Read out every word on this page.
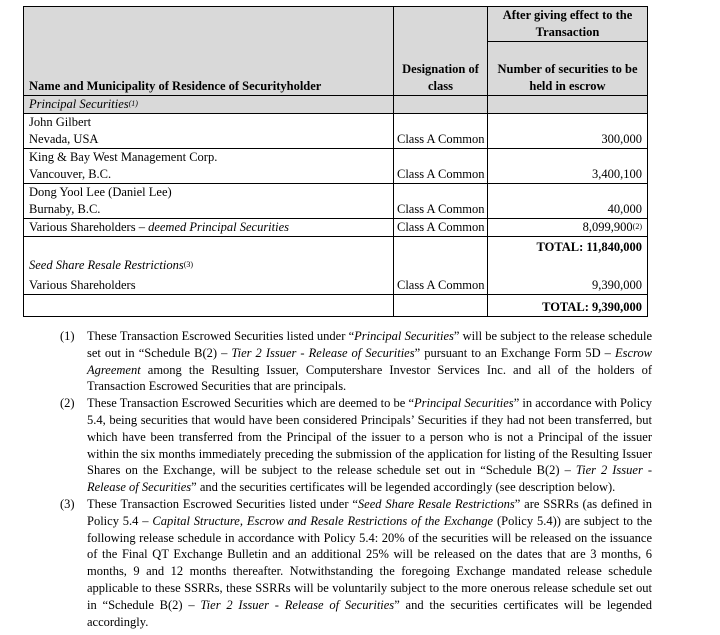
Name and Municipality of Residence of Securityholder	Designation of class	After giving effect to the Transaction
		Number of securities to be held in escrow
Principal Securities$^{(1)}$		

John Gilbert
Nevada, USA	Class A Common	300,000

King & Bay West Management Corp.
Vancouver, B.C.	Class A Common	3,400,100

Dong Yool Lee (Daniel Lee)
Burnaby, B.C.	Class A Common	40,000
Various Shareholders – deemed Principal Securities	Class A Common	8,099,900$^{(2)}$
Seed Share Resale Restrictions$^{(3)}$		TOTAL: 11,840,000
Various Shareholders	Class A Common	9,390,000
		TOTAL: 9,390,000
(1) These Transaction Escrowed Securities listed under “Principal Securities” will be subject to the release schedule set out in “Schedule B(2) – Tier 2 Issuer - Release of Securities” pursuant to an Exchange Form 5D – Escrow Agreement among the Resulting Issuer, Computershare Investor Services Inc. and all of the holders of Transaction Escrowed Securities that are principals.
(2) These Transaction Escrowed Securities which are deemed to be “Principal Securities” in accordance with Policy 5.4, being securities that would have been considered Principals’ Securities if they had not been transferred, but which have been transferred from the Principal of the issuer to a person who is not a Principal of the issuer within the six months immediately preceding the submission of the application for listing of the Resulting Issuer Shares on the Exchange, will be subject to the release schedule set out in “Schedule B(2) – Tier 2 Issuer - Release of Securities” and the securities certificates will be legended accordingly (see description below).
(3) These Transaction Escrowed Securities listed under “Seed Share Resale Restrictions” are SSRRs (as defined in Policy 5.4 – Capital Structure, Escrow and Resale Restrictions of the Exchange (Policy 5.4)) are subject to the following release schedule in accordance with Policy 5.4: 20% of the securities will be released on the issuance of the Final QT Exchange Bulletin and an additional 25% will be released on the dates that are 3 months, 6 months, 9 and 12 months thereafter. Notwithstanding the foregoing Exchange mandated release schedule applicable to these SSRRs, these SSRRs will be voluntarily subject to the more onerous release schedule set out in “Schedule B(2) – Tier 2 Issuer - Release of Securities” and the securities certificates will be legended accordingly.
